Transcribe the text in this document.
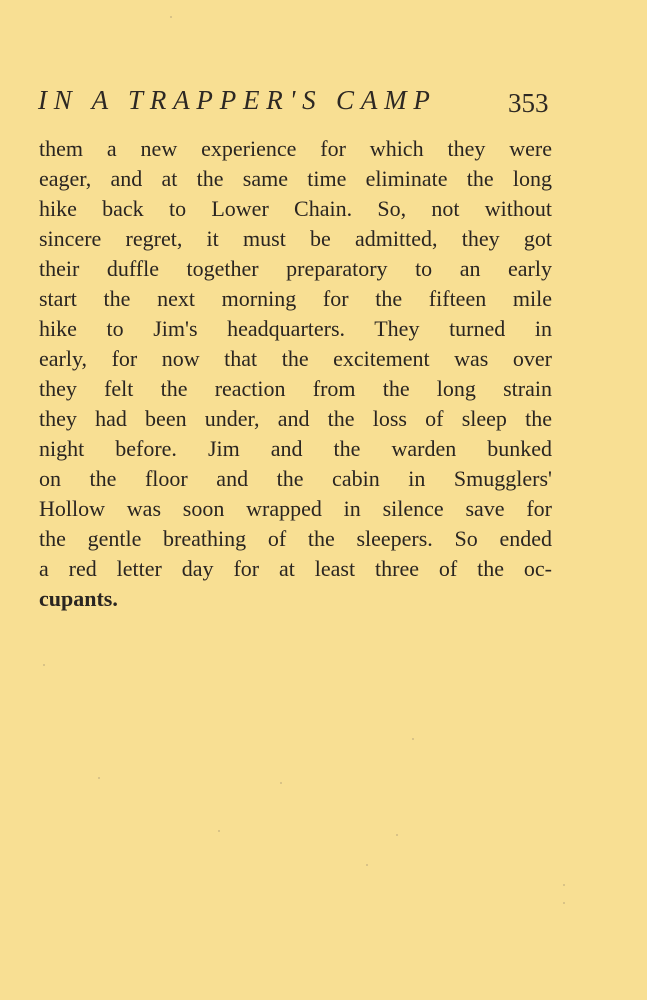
IN A TRAPPER'S CAMP	353
them a new experience for which they were
eager, and at the same time eliminate the long
hike back to Lower Chain. So, not without
sincere regret, it must be admitted, they got
their duffle together preparatory to an early
start the next morning for the fifteen mile
hike to Jim's headquarters. They turned in
early, for now that the excitement was over
they felt the reaction from the long strain
they had been under, and the loss of sleep the
night before. Jim and the warden bunked
on the floor and the cabin in Smugglers'
Hollow was soon wrapped in silence save for
the gentle breathing of the sleepers. So ended
a red letter day for at least three of the oc-
cupants.
